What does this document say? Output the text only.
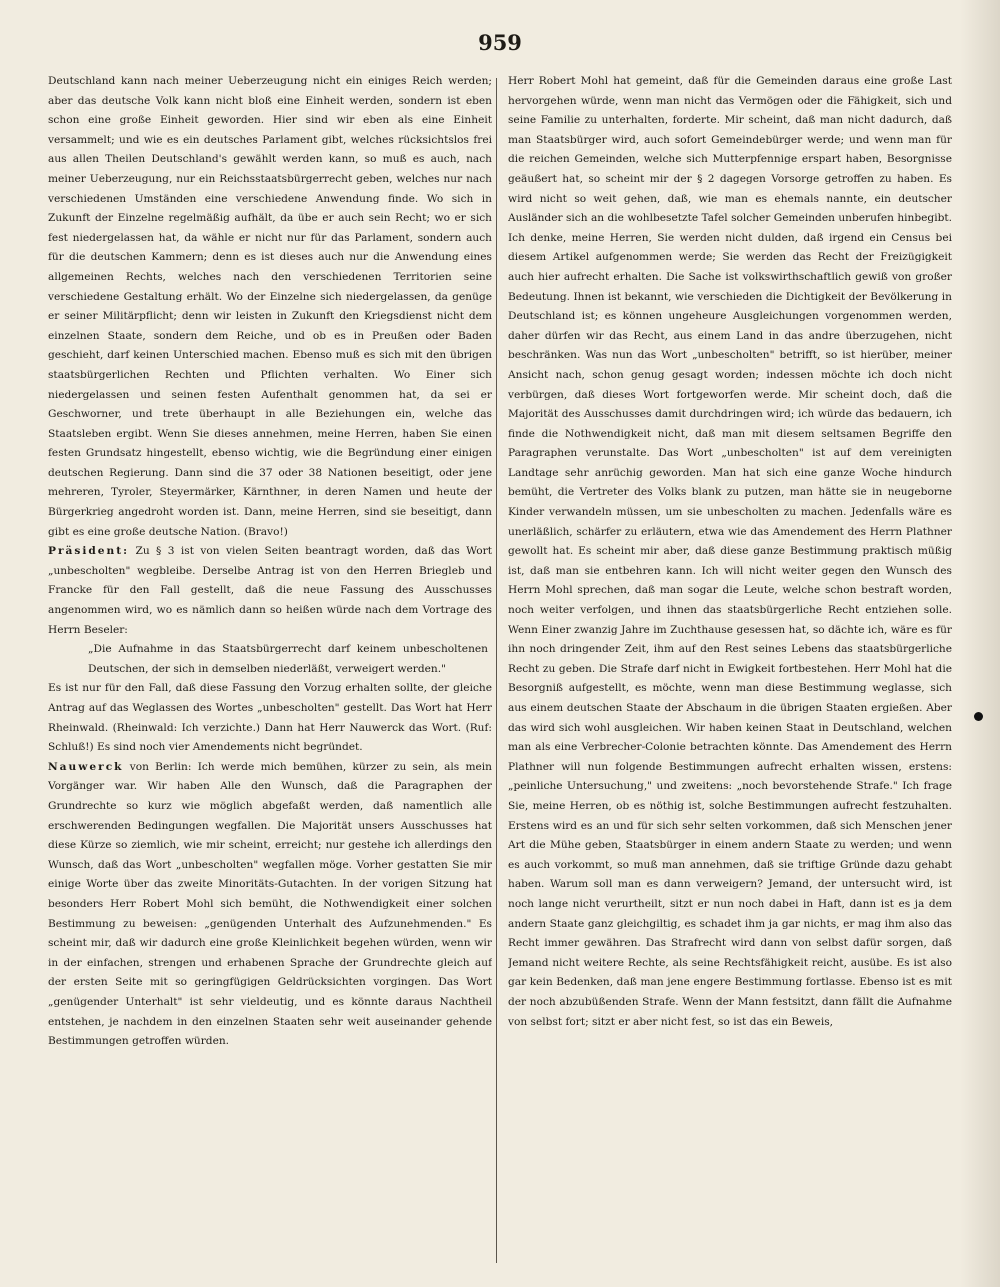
959

Deutschland kann nach meiner Ueberzeugung nicht ein einiges Reich werden; aber das deutsche Volk kann nicht bloß eine Einheit werden, sondern ist eben schon eine große Einheit geworden. Hier sind wir eben als eine Einheit versammelt; und wie es ein deutsches Parlament gibt, welches rücksichtslos frei aus allen Theilen Deutschland's gewählt werden kann, so muß es auch, nach meiner Ueberzeugung, nur ein Reichsstaatsbürgerrecht geben, welches nur nach verschiedenen Umständen eine verschiedene Anwendung finde. Wo sich in Zukunft der Einzelne regelmäßig aufhält, da übe er auch sein Recht; wo er sich fest niedergelassen hat, da wähle er nicht nur für das Parlament, sondern auch für die deutschen Kammern; denn es ist dieses auch nur die Anwendung eines allgemeinen Rechts, welches nach den verschiedenen Territorien seine verschiedene Gestaltung erhält. Wo der Einzelne sich niedergelassen, da genüge er seiner Militärpflicht; denn wir leisten in Zukunft den Kriegsdienst nicht dem einzelnen Staate, sondern dem Reiche, und ob es in Preußen oder Baden geschieht, darf keinen Unterschied machen. Ebenso muß es sich mit den übrigen staatsbürgerlichen Rechten und Pflichten verhalten. Wo Einer sich niedergelassen und seinen festen Aufenthalt genommen hat, da sei er Geschworner, und trete überhaupt in alle Beziehungen ein, welche das Staatsleben ergibt. Wenn Sie dieses annehmen, meine Herren, haben Sie einen festen Grundsatz hingestellt, ebenso wichtig, wie die Begründung einer einigen deutschen Regierung. Dann sind die 37 oder 38 Nationen beseitigt, oder jene mehreren, Tyroler, Steyermärker, Kärnthner, in deren Namen und heute der Bürgerkrieg angedroht worden ist. Dann, meine Herren, sind sie beseitigt, dann gibt es eine große deutsche Nation. (Bravo!)

Präsident: Zu § 3 ist von vielen Seiten beantragt worden, daß das Wort „unbescholten" wegbleibe. Derselbe Antrag ist von den Herren Briegleb und Francke für den Fall gestellt, daß die neue Fassung des Ausschusses angenommen wird, wo es nämlich dann so heißen würde nach dem Vortrage des Herrn Beseler:

„Die Aufnahme in das Staatsbürgerrecht darf keinem unbescholtenen Deutschen, der sich in demselben niederläßt, verweigert werden."

Es ist nur für den Fall, daß diese Fassung den Vorzug erhalten sollte, der gleiche Antrag auf das Weglassen des Wortes „unbescholten" gestellt. Das Wort hat Herr Rheinwald. (Rheinwald: Ich verzichte.) Dann hat Herr Nauwerck das Wort. (Ruf: Schluß!) Es sind noch vier Amendements nicht begründet.

Nauwerck von Berlin: Ich werde mich bemühen, kürzer zu sein, als mein Vorgänger war. Wir haben Alle den Wunsch, daß die Paragraphen der Grundrechte so kurz wie möglich abgefaßt werden, daß namentlich alle erschwerenden Bedingungen wegfallen. Die Majorität unsers Ausschusses hat diese Kürze so ziemlich, wie mir scheint, erreicht; nur gestehe ich allerdings den Wunsch, daß das Wort „unbescholten" wegfallen möge. Vorher gestatten Sie mir einige Worte über das zweite Minoritäts-Gutachten. In der vorigen Sitzung hat besonders Herr Robert Mohl sich bemüht, die Nothwendigkeit einer solchen Bestimmung zu beweisen: „genügenden Unterhalt des Aufzunehmenden." Es scheint mir, daß wir dadurch eine große Kleinlichkeit begehen würden, wenn wir in der einfachen, strengen und erhabenen Sprache der Grundrechte gleich auf der ersten Seite mit so geringfügigen Geldrücksichten vorgingen. Das Wort „genügender Unterhalt" ist sehr vieldeutig, und es könnte daraus Nachtheil entstehen, je nachdem in den einzelnen Staaten sehr weit auseinander gehende Bestimmungen getroffen würden.

Herr Robert Mohl hat gemeint, daß für die Gemeinden daraus eine große Last hervorgehen würde, wenn man nicht das Vermögen oder die Fähigkeit, sich und seine Familie zu unterhalten, forderte. Mir scheint, daß man nicht dadurch, daß man Staatsbürger wird, auch sofort Gemeindebürger werde; und wenn man für die reichen Gemeinden, welche sich Mutterpfennige erspart haben, Besorgnisse geäußert hat, so scheint mir der § 2 dagegen Vorsorge getroffen zu haben. Es wird nicht so weit gehen, daß, wie man es ehemals nannte, ein deutscher Ausländer sich an die wohlbesetzte Tafel solcher Gemeinden unberufen hinbegibt. Ich denke, meine Herren, Sie werden nicht dulden, daß irgend ein Census bei diesem Artikel aufgenommen werde; Sie werden das Recht der Freizügigkeit auch hier aufrecht erhalten. Die Sache ist volkswirthschaftlich gewiß von großer Bedeutung. Ihnen ist bekannt, wie verschieden die Dichtigkeit der Bevölkerung in Deutschland ist; es können ungeheure Ausgleichungen vorgenommen werden, daher dürfen wir das Recht, aus einem Land in das andre überzugehen, nicht beschränken. Was nun das Wort „unbescholten" betrifft, so ist hierüber, meiner Ansicht nach, schon genug gesagt worden; indessen möchte ich doch nicht verbürgen, daß dieses Wort fortgeworfen werde. Mir scheint doch, daß die Majorität des Ausschusses damit durchdringen wird; ich würde das bedauern, ich finde die Nothwendigkeit nicht, daß man mit diesem seltsamen Begriffe den Paragraphen verunstalte. Das Wort „unbescholten" ist auf dem vereinigten Landtage sehr anrüchig geworden. Man hat sich eine ganze Woche hindurch bemüht, die Vertreter des Volks blank zu putzen, man hätte sie in neugeborne Kinder verwandeln müssen, um sie unbescholten zu machen. Jedenfalls wäre es unerläßlich, schärfer zu erläutern, etwa wie das Amendement des Herrn Plathner gewollt hat. Es scheint mir aber, daß diese ganze Bestimmung praktisch müßig ist, daß man sie entbehren kann. Ich will nicht weiter gegen den Wunsch des Herrn Mohl sprechen, daß man sogar die Leute, welche schon bestraft worden, noch weiter verfolgen, und ihnen das staatsbürgerliche Recht entziehen solle. Wenn Einer zwanzig Jahre im Zuchthause gesessen hat, so dächte ich, wäre es für ihn noch dringender Zeit, ihm auf den Rest seines Lebens das staatsbürgerliche Recht zu geben. Die Strafe darf nicht in Ewigkeit fortbestehen. Herr Mohl hat die Besorgniß aufgestellt, es möchte, wenn man diese Bestimmung weglasse, sich aus einem deutschen Staate der Abschaum in die übrigen Staaten ergießen. Aber das wird sich wohl ausgleichen. Wir haben keinen Staat in Deutschland, welchen man als eine Verbrecher-Colonie betrachten könnte. Das Amendement des Herrn Plathner will nun folgende Bestimmungen aufrecht erhalten wissen, erstens: „peinliche Untersuchung," und zweitens: „noch bevorstehende Strafe." Ich frage Sie, meine Herren, ob es nöthig ist, solche Bestimmungen aufrecht festzuhalten. Erstens wird es an und für sich sehr selten vorkommen, daß sich Menschen jener Art die Mühe geben, Staatsbürger in einem andern Staate zu werden; und wenn es auch vorkommt, so muß man annehmen, daß sie triftige Gründe dazu gehabt haben. Warum soll man es dann verweigern? Jemand, der untersucht wird, ist noch lange nicht verurtheilt, sitzt er nun noch dabei in Haft, dann ist es ja dem andern Staate ganz gleichgiltig, es schadet ihm ja gar nichts, er mag ihm also das Recht immer gewähren. Das Strafrecht wird dann von selbst dafür sorgen, daß Jemand nicht weitere Rechte, als seine Rechtsfähigkeit reicht, ausübe. Es ist also gar kein Bedenken, daß man jene engere Bestimmung fortlasse. Ebenso ist es mit der noch abzubüßenden Strafe. Wenn der Mann festsitzt, dann fällt die Aufnahme von selbst fort; sitzt er aber nicht fest, so ist das ein Beweis,
